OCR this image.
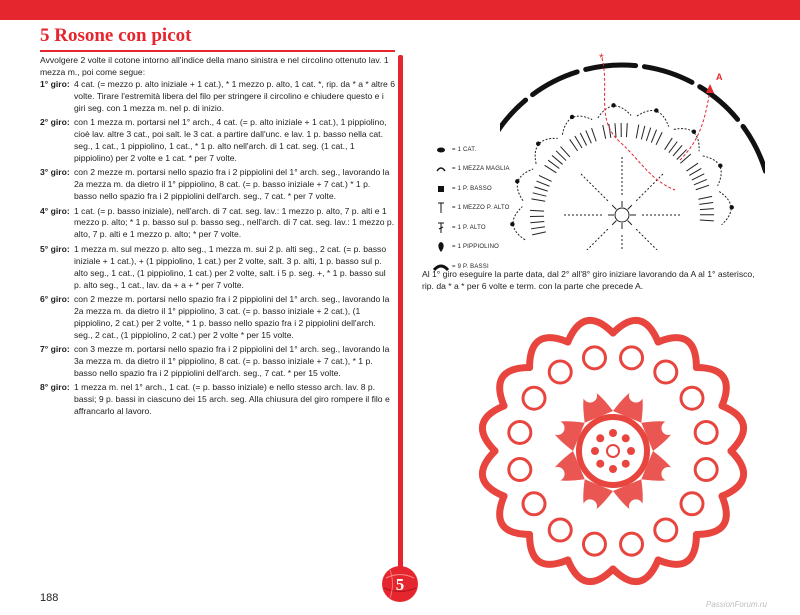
5 Rosone con picot

Avvolgere 2 volte il cotone intorno all'indice della mano sinistra e nel circolino ottenuto lav. 1 mezza m., poi come segue:

1° giro: 4 cat. (= mezzo p. alto iniziale + 1 cat.), * 1 mezzo p. alto, 1 cat. *, rip. da * a * altre 6 volte. Tirare l'estremità libera del filo per stringere il circolino e chiudere questo e i giri seg. con 1 mezza m. nel p. di inizio.
2° giro: con 1 mezza m. portarsi nel 1° arch., 4 cat. (= p. alto iniziale + 1 cat.), 1 pippiolino, cioè lav. altre 3 cat., poi salt. le 3 cat. a partire dall'unc. e lav. 1 p. basso nella cat. seg., 1 cat., 1 pippiolino, 1 cat., * 1 p. alto nell'arch. di 1 cat. seg. (1 cat., 1 pippiolino) per 2 volte e 1 cat. * per 7 volte.
3° giro: con 2 mezze m. portarsi nello spazio fra i 2 pippiolini del 1° arch. seg., lavorando la 2a mezza m. da dietro il 1° pippiolino, 8 cat. (= p. basso iniziale + 7 cat.) * 1 p. basso nello spazio fra i 2 pippiolini dell'arch. seg., 7 cat. * per 7 volte.
4° giro: 1 cat. (= p. basso iniziale), nell'arch. di 7 cat. seg. lav.: 1 mezzo p. alto, 7 p. alti e 1 mezzo p. alto; * 1 p. basso sul p. basso seg., nell'arch. di 7 cat. seg. lav.: 1 mezzo p. alto, 7 p. alti e 1 mezzo p. alto; * per 7 volte.
5° giro: 1 mezza m. sul mezzo p. alto seg., 1 mezza m. sui 2 p. alti seg., 2 cat. (= p. basso iniziale + 1 cat.), + (1 pippiolino, 1 cat.) per 2 volte, salt. 3 p. alti, 1 p. basso sul p. alto seg., 1 cat., (1 pippiolino, 1 cat.) per 2 volte, salt. i 5 p. seg. +, * 1 p. basso sul p. alto seg., 1 cat., lav. da + a + * per 7 volte.
6° giro: con 2 mezze m. portarsi nello spazio fra i 2 pippiolini del 1° arch. seg., lavorando la 2a mezza m. da dietro il 1° pippiolino, 3 cat. (= p. basso iniziale + 2 cat.), (1 pippiolino, 2 cat.) per 2 volte, * 1 p. basso nello spazio fra i 2 pippiolini dell'arch. seg., 2 cat., (1 pippiolino, 2 cat.) per 2 volte * per 15 volte.
7° giro: con 3 mezze m. portarsi nello spazio fra i 2 pippiolini del 1° arch. seg., lavorando la 3a mezza m. da dietro il 1° pippiolino, 8 cat. (= p. basso iniziale + 7 cat.), * 1 p. basso nello spazio fra i 2 pippiolini dell'arch. seg., 7 cat. * per 15 volte.
8° giro: 1 mezza m. nel 1° arch., 1 cat. (= p. basso iniziale) e nello stesso arch. lav. 8 p. bassi; 9 p. bassi in ciascuno dei 15 arch. seg. Alla chiusura del giro rompere il filo e affrancarlo al lavoro.
*
A
= 1 CAT.
= 1 MEZZA MAGLIA
= 1 P. BASSO
= 1 MEZZO P. ALTO
= 1 P. ALTO
= 1 PIPPIOLINO
= 9 P. BASSI

Al 1° giro eseguire la parte data, dal 2° all'8° giro iniziare lavorando da A al 1° asterisco, rip. da * a * per 6 volte e term. con la parte che precede A.

5

188

PassionForum.ru
